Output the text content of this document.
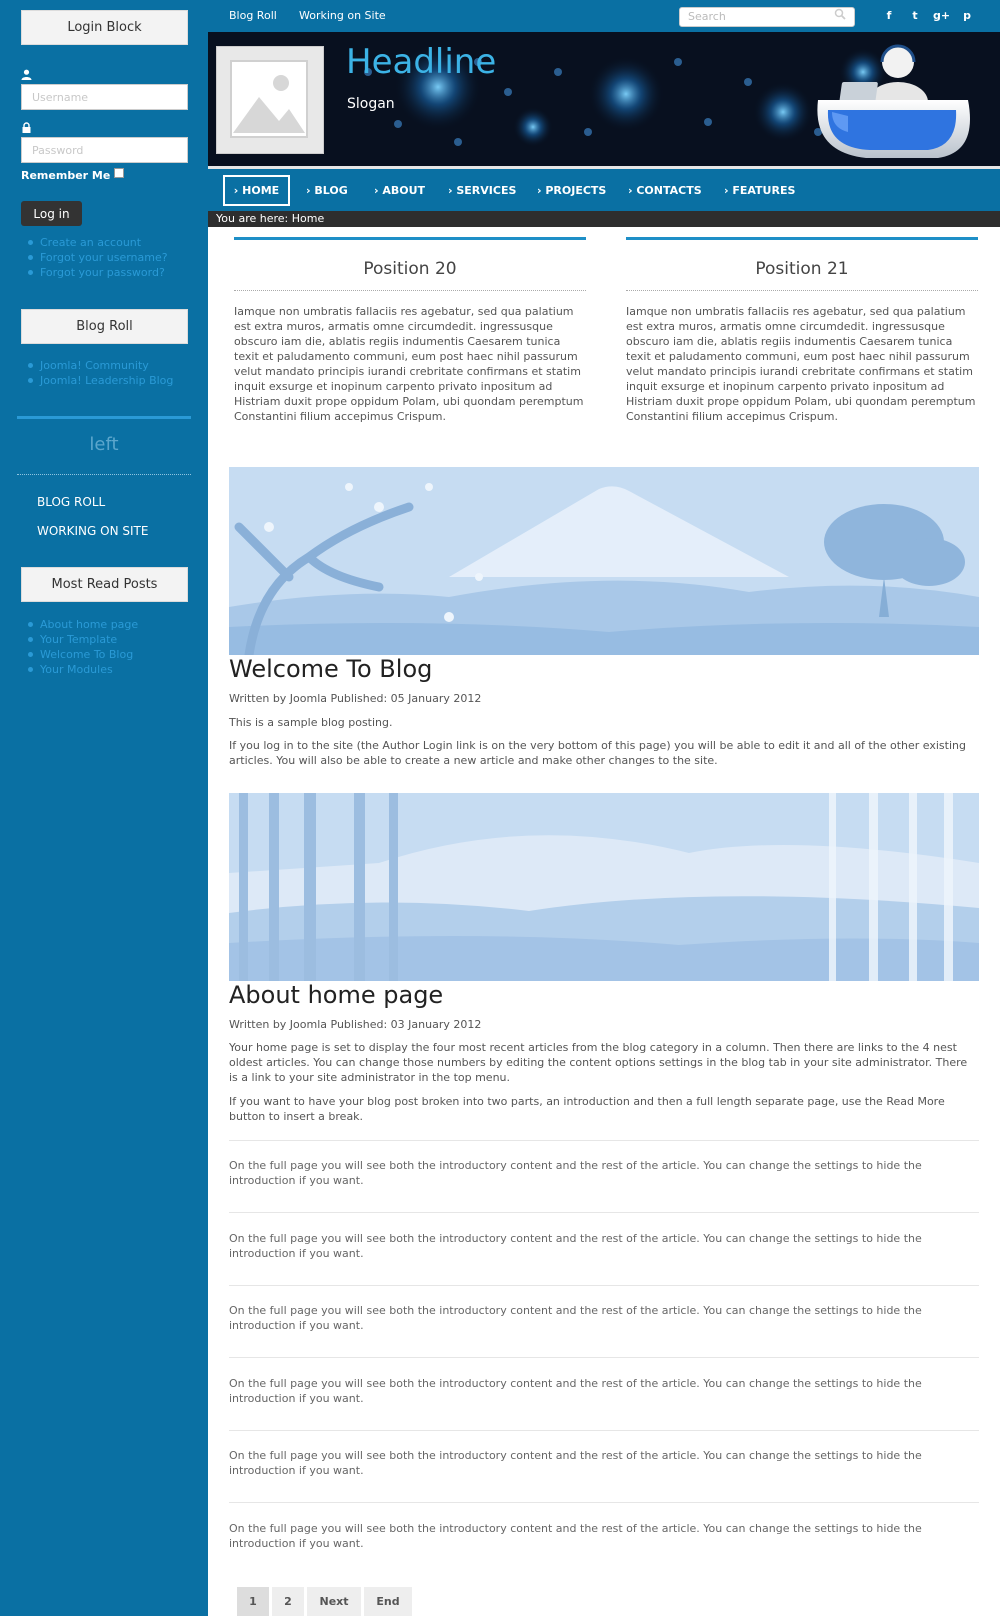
Login Block
Username
Remember Me
Log in
Create an account
Forgot your username?
Forgot your password?
Blog Roll
Joomla! Community
Joomla! Leadership Blog
left
BLOG ROLL
WORKING ON SITE
Most Read Posts
About home page
Your Template
Welcome To Blog
Your Modules
Blog Roll Working on Site	Search	f	t	g+	p
Headline
Slogan
› HOME	› BLOG › ABOUT › SERVICES › PROJECTS › CONTACTS › FEATURES
You are here: Home
Position 20
Iamque non umbratis fallaciis res agebatur, sed qua palatium est extra muros, armatis omne circumdedit. ingressusque obscuro iam die, ablatis regiis indumentis Caesarem tunica texit et paludamento communi, eum post haec nihil passurum velut mandato principis iurandi crebritate confirmans et statim inquit exsurge et inopinum carpento privato inpositum ad Histriam duxit prope oppidum Polam, ubi quondam peremptum Constantini filium accepimus Crispum.
Position 21
Iamque non umbratis fallaciis res agebatur, sed qua palatium est extra muros, armatis omne circumdedit. ingressusque obscuro iam die, ablatis regiis indumentis Caesarem tunica texit et paludamento communi, eum post haec nihil passurum velut mandato principis iurandi crebritate confirmans et statim inquit exsurge et inopinum carpento privato inpositum ad Histriam duxit prope oppidum Polam, ubi quondam peremptum Constantini filium accepimus Crispum.
Welcome To Blog
Written by Joomla Published: 05 January 2012
This is a sample blog posting.
If you log in to the site (the Author Login link is on the very bottom of this page) you will be able to edit it and all of the other existing articles. You will also be able to create a new article and make other changes to the site.
About home page
Written by Joomla Published: 03 January 2012
Your home page is set to display the four most recent articles from the blog category in a column. Then there are links to the 4 nest oldest articles. You can change those numbers by editing the content options settings in the blog tab in your site administrator. There is a link to your site administrator in the top menu.
If you want to have your blog post broken into two parts, an introduction and then a full length separate page, use the Read More button to insert a break.
On the full page you will see both the introductory content and the rest of the article. You can change the settings to hide the introduction if you want.
On the full page you will see both the introductory content and the rest of the article. You can change the settings to hide the introduction if you want.
On the full page you will see both the introductory content and the rest of the article. You can change the settings to hide the introduction if you want.
On the full page you will see both the introductory content and the rest of the article. You can change the settings to hide the introduction if you want.
On the full page you will see both the introductory content and the rest of the article. You can change the settings to hide the introduction if you want.
On the full page you will see both the introductory content and the rest of the article. You can change the settings to hide the introduction if you want.
1	2	Next	End
